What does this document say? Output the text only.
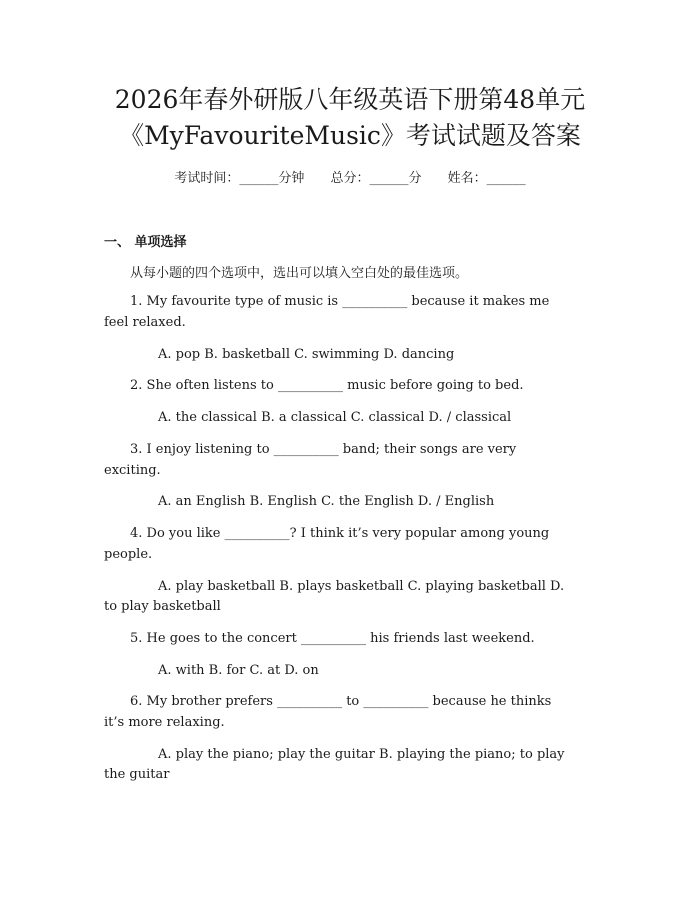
2026年春外研版八年级英语下册第48单元
《MyFavouriteMusic》考试试题及答案
考试时间：______分钟 总分：______分 姓名：______
一、 单项选择
从每小题的四个选项中，选出可以填入空白处的最佳选项。
1. My favourite type of music is __________ because it makes me
feel relaxed.
A. pop B. basketball C. swimming D. dancing
2. She often listens to __________ music before going to bed.
A. the classical B. a classical C. classical D. / classical
3. I enjoy listening to __________ band; their songs are very
exciting.
A. an English B. English C. the English D. / English
4. Do you like __________? I think it’s very popular among young
people.
A. play basketball B. plays basketball C. playing basketball D.
to play basketball
5. He goes to the concert __________ his friends last weekend.
A. with B. for C. at D. on
6. My brother prefers __________ to __________ because he thinks
it’s more relaxing.
A. play the piano; play the guitar B. playing the piano; to play
the guitar
